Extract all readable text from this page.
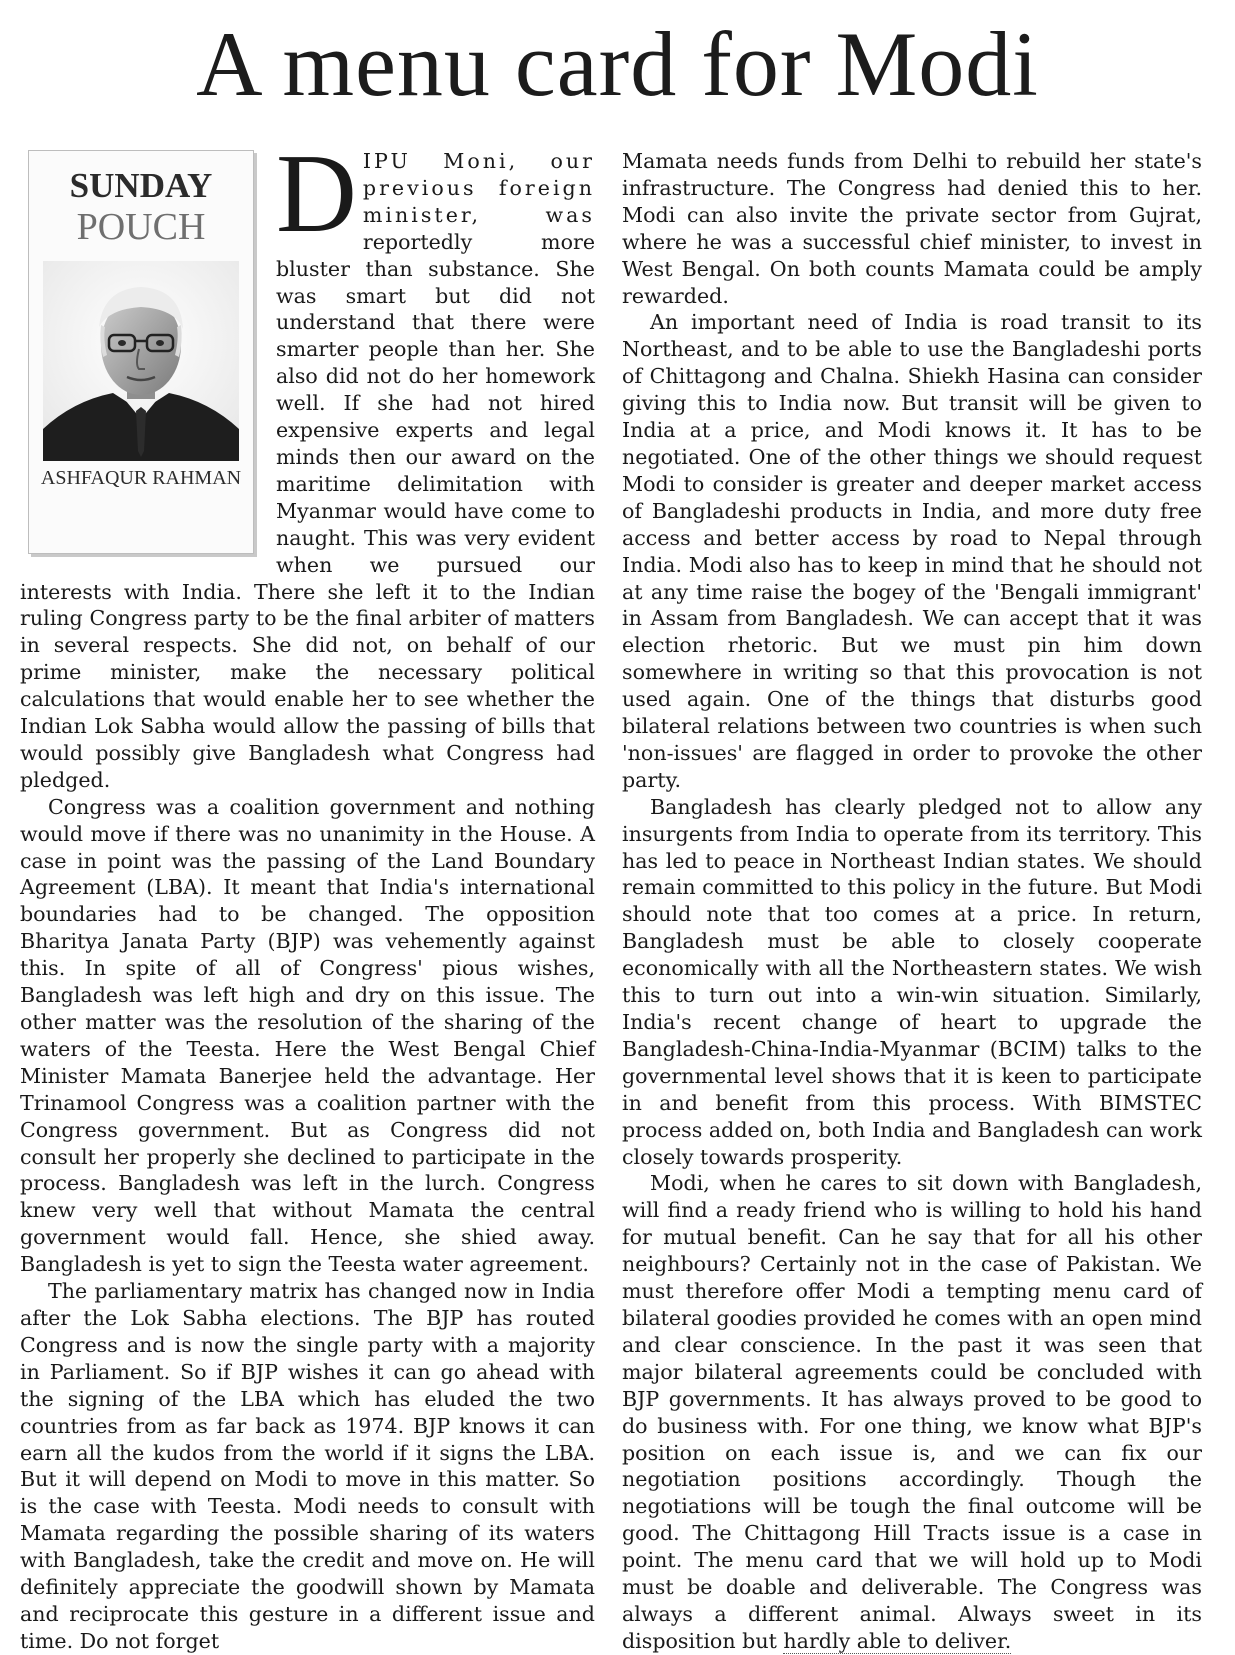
A menu card for Modi
SUNDAY
POUCH
ASHFAQUR RAHMAN
D IPU Moni, our previous foreign minister, was reportedly more bluster than substance. She was smart but did not understand that there were smarter people than her. She also did not do her homework well. If she had not hired expensive experts and legal minds then our award on the maritime delimitation with Myanmar would have come to naught. This was very evident when we pursued our interests with India. There she left it to the Indian ruling Congress party to be the final arbiter of matters in several respects. She did not, on behalf of our prime minister, make the necessary political calculations that would enable her to see whether the Indian Lok Sabha would allow the passing of bills that would possibly give Bangladesh what Congress had pledged.

Congress was a coalition government and nothing would move if there was no unanimity in the House. A case in point was the passing of the Land Boundary Agreement (LBA). It meant that India's international boundaries had to be changed. The opposition Bharitya Janata Party (BJP) was vehemently against this. In spite of all of Congress' pious wishes, Bangladesh was left high and dry on this issue. The other matter was the resolution of the sharing of the waters of the Teesta. Here the West Bengal Chief Minister Mamata Banerjee held the advantage. Her Trinamool Congress was a coalition partner with the Congress government. But as Congress did not consult her properly she declined to participate in the process. Bangladesh was left in the lurch. Congress knew very well that without Mamata the central government would fall. Hence, she shied away. Bangladesh is yet to sign the Teesta water agreement.

The parliamentary matrix has changed now in India after the Lok Sabha elections. The BJP has routed Congress and is now the single party with a majority in Parliament. So if BJP wishes it can go ahead with the signing of the LBA which has eluded the two countries from as far back as 1974. BJP knows it can earn all the kudos from the world if it signs the LBA. But it will depend on Modi to move in this matter. So is the case with Teesta. Modi needs to consult with Mamata regarding the possible sharing of its waters with Bangladesh, take the credit and move on. He will definitely appreciate the goodwill shown by Mamata and reciprocate this gesture in a different issue and time. Do not forget

Mamata needs funds from Delhi to rebuild her state's infrastructure. The Congress had denied this to her. Modi can also invite the private sector from Gujrat, where he was a successful chief minister, to invest in West Bengal. On both counts Mamata could be amply rewarded.

An important need of India is road transit to its Northeast, and to be able to use the Bangladeshi ports of Chittagong and Chalna. Shiekh Hasina can consider giving this to India now. But transit will be given to India at a price, and Modi knows it. It has to be negotiated. One of the other things we should request Modi to consider is greater and deeper market access of Bangladeshi products in India, and more duty free access and better access by road to Nepal through India. Modi also has to keep in mind that he should not at any time raise the bogey of the 'Bengali immigrant' in Assam from Bangladesh. We can accept that it was election rhetoric. But we must pin him down somewhere in writing so that this provocation is not used again. One of the things that disturbs good bilateral relations between two countries is when such 'non-issues' are flagged in order to provoke the other party.

Bangladesh has clearly pledged not to allow any insurgents from India to operate from its territory. This has led to peace in Northeast Indian states. We should remain committed to this policy in the future. But Modi should note that too comes at a price. In return, Bangladesh must be able to closely cooperate economically with all the Northeastern states. We wish this to turn out into a win-win situation. Similarly, India's recent change of heart to upgrade the Bangladesh-China-India-Myanmar (BCIM) talks to the governmental level shows that it is keen to participate in and benefit from this process. With BIMSTEC process added on, both India and Bangladesh can work closely towards prosperity.

Modi, when he cares to sit down with Bangladesh, will find a ready friend who is willing to hold his hand for mutual benefit. Can he say that for all his other neighbours? Certainly not in the case of Pakistan. We must therefore offer Modi a tempting menu card of bilateral goodies provided he comes with an open mind and clear conscience. In the past it was seen that major bilateral agreements could be concluded with BJP governments. It has always proved to be good to do business with. For one thing, we know what BJP's position on each issue is, and we can fix our negotiation positions accordingly. Though the negotiations will be tough the final outcome will be good. The Chittagong Hill Tracts issue is a case in point. The menu card that we will hold up to Modi must be doable and deliverable. The Congress was always a different animal. Always sweet in its disposition but hardly able to deliver.
